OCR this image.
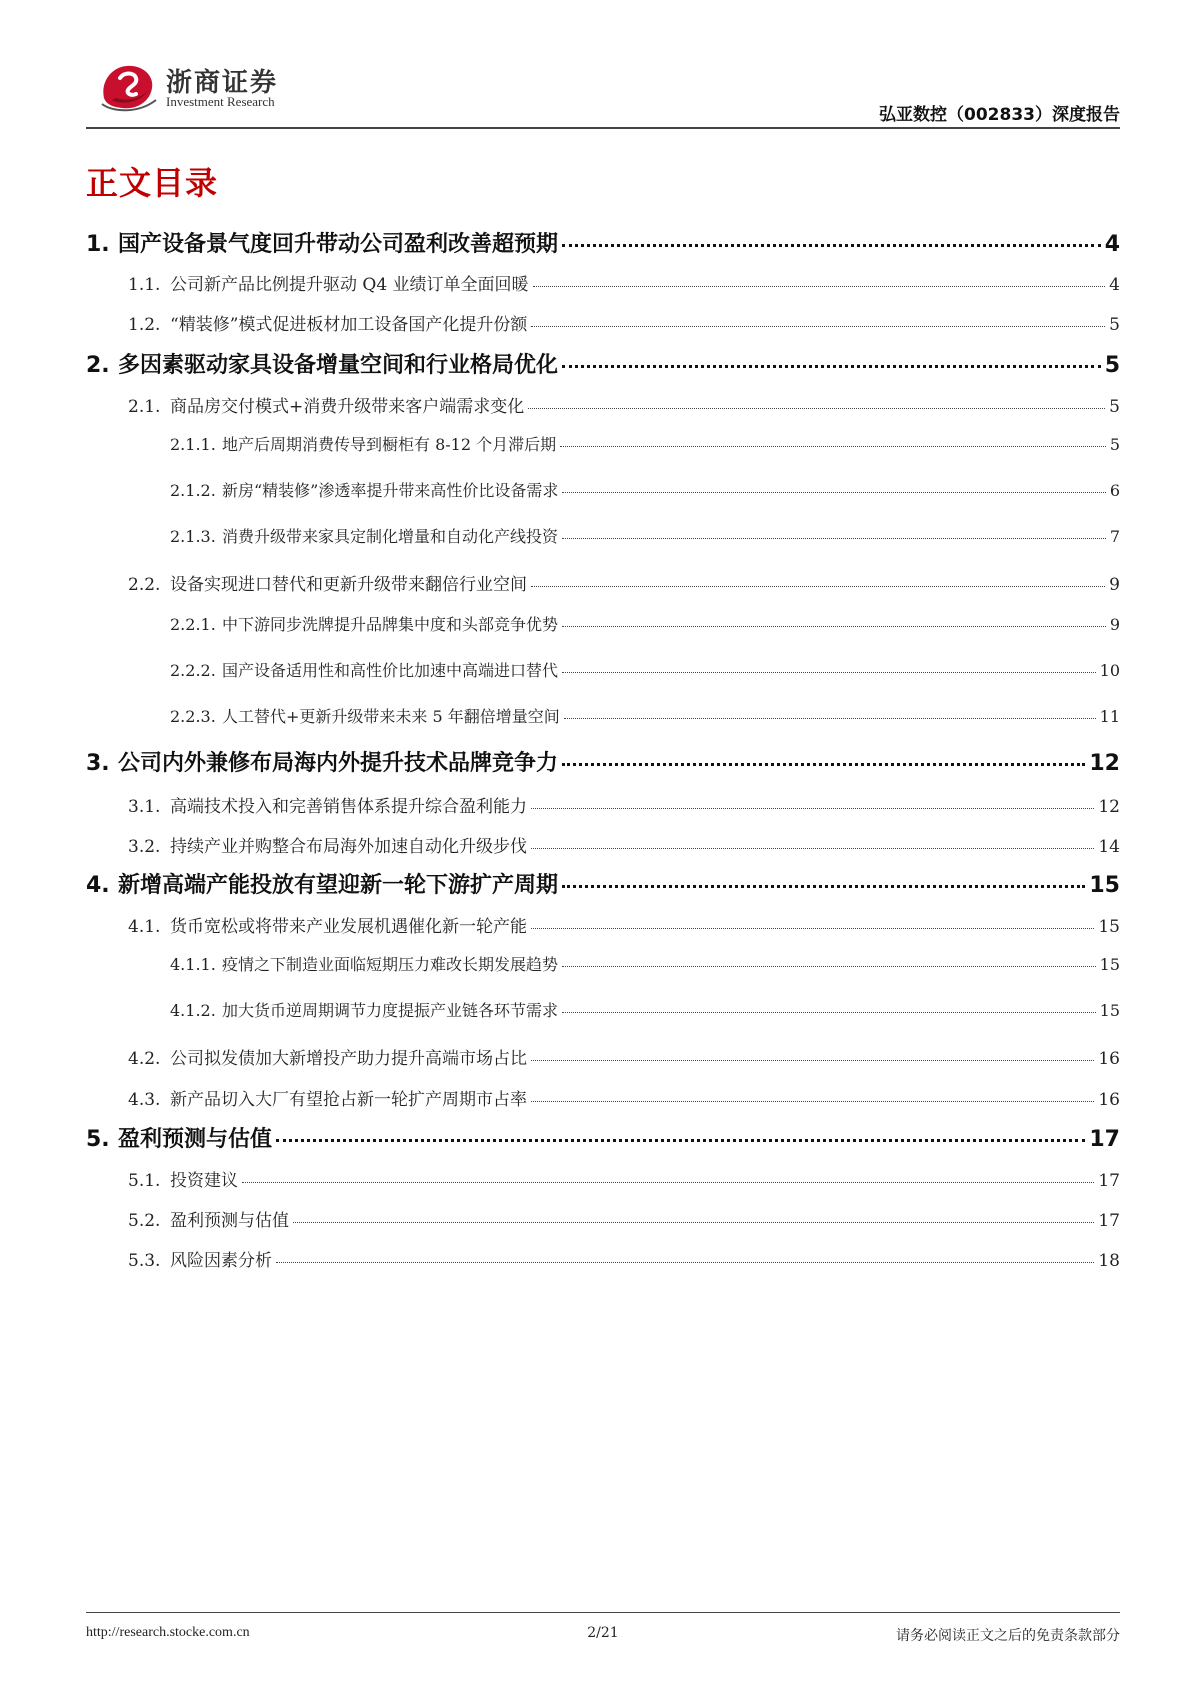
浙商证券
Investment Research
弘亚数控（002833）深度报告
正文目录
1. 国产设备景气度回升带动公司盈利改善超预期	4
1.1. 公司新产品比例提升驱动 Q4 业绩订单全面回暖	4
1.2. “精装修”模式促进板材加工设备国产化提升份额	5
2. 多因素驱动家具设备增量空间和行业格局优化	5
2.1. 商品房交付模式+消费升级带来客户端需求变化	5
2.1.1. 地产后周期消费传导到橱柜有 8-12 个月滞后期	5
2.1.2. 新房“精装修”渗透率提升带来高性价比设备需求	6
2.1.3. 消费升级带来家具定制化增量和自动化产线投资	7
2.2. 设备实现进口替代和更新升级带来翻倍行业空间	9
2.2.1. 中下游同步洗牌提升品牌集中度和头部竞争优势	9
2.2.2. 国产设备适用性和高性价比加速中高端进口替代	10
2.2.3. 人工替代+更新升级带来未来 5 年翻倍增量空间	11
3. 公司内外兼修布局海内外提升技术品牌竞争力	12
3.1. 高端技术投入和完善销售体系提升综合盈利能力	12
3.2. 持续产业并购整合布局海外加速自动化升级步伐	14
4. 新增高端产能投放有望迎新一轮下游扩产周期	15
4.1. 货币宽松或将带来产业发展机遇催化新一轮产能	15
4.1.1. 疫情之下制造业面临短期压力难改长期发展趋势	15
4.1.2. 加大货币逆周期调节力度提振产业链各环节需求	15
4.2. 公司拟发债加大新增投产助力提升高端市场占比	16
4.3. 新产品切入大厂有望抢占新一轮扩产周期市占率	16
5. 盈利预测与估值	17
5.1. 投资建议	17
5.2. 盈利预测与估值	17
5.3. 风险因素分析	18
http://research.stocke.com.cn	2/21	请务必阅读正文之后的免责条款部分
